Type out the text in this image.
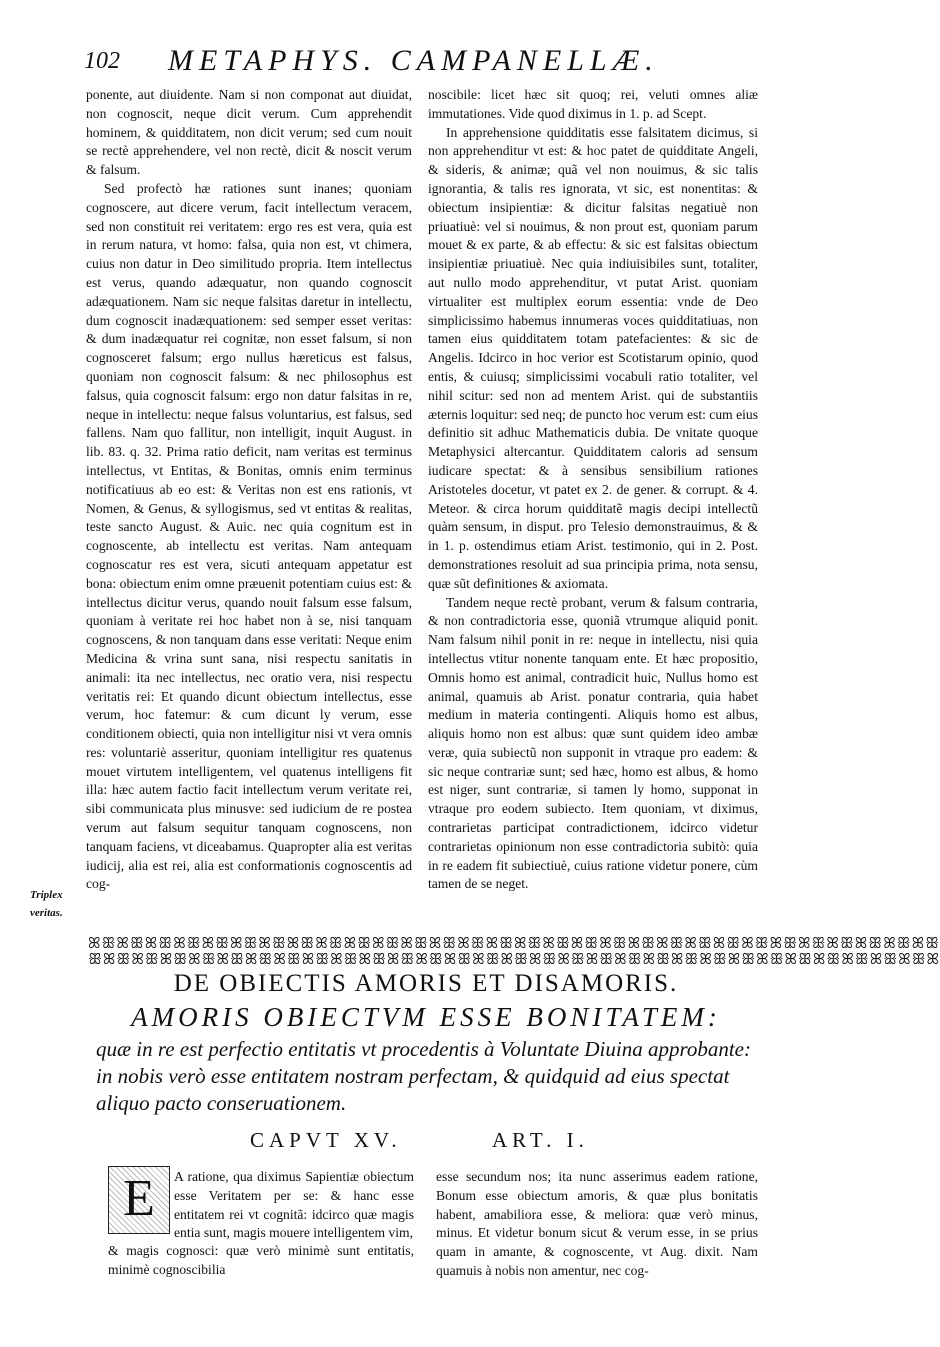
102 METAPHYS. CAMPANELLÆ.

ponente, aut diuidente. Nam si non componat aut diuidat, non cognoscit, neque dicit verum. Cum apprehendit hominem, & quidditatem, non dicit verum; sed cum nouit se rectè apprehendere, vel non rectè, dicit & noscit verum & falsum.

Sed profectò hæ rationes sunt inanes; quoniam cognoscere, aut dicere verum, facit intellectum veracem, sed non constituit rei veritatem: ergo res est vera, quia est in rerum natura, vt homo: falsa, quia non est, vt chimera, cuius non datur in Deo similitudo propria. Item intellectus est verus, quando adæquatur, non quando cognoscit adæquationem. Nam sic neque falsitas daretur in intellectu, dum cognoscit inadæquationem: sed semper esset veritas: & dum inadæquatur rei cognitæ, non esset falsum, si non cognosceret falsum; ergo nullus hæreticus est falsus, quoniam non cognoscit falsum: & nec philosophus est falsus, quia cognoscit falsum: ergo non datur falsitas in re, neque in intellectu: neque falsus voluntarius, est falsus, sed fallens. Nam quo fallitur, non intelligit, inquit August. in lib. 83. q. 32. Prima ratio deficit, nam veritas est terminus intellectus, vt Entitas, & Bonitas, omnis enim terminus notificatiuus ab eo est: & Veritas non est ens rationis, vt Nomen, & Genus, & syllogismus, sed vt entitas & realitas, teste sancto August. & Auic. nec quia cognitum est in cognoscente, ab intellectu est veritas. Nam antequam cognoscatur res est vera, sicuti antequam appetatur est bona: obiectum enim omne præuenit potentiam cuius est: & intellectus dicitur verus, quando nouit falsum esse falsum, quoniam à veritate rei hoc habet non à se, nisi tanquam cognoscens, & non tanquam dans esse veritati: Neque enim Medicina & vrina sunt sana, nisi respectu sanitatis in animali: ita nec intellectus, nec oratio vera, nisi respectu veritatis rei: Et quando dicunt obiectum intellectus, esse verum, hoc fatemur: & cum dicunt ly verum, esse conditionem obiecti, quia non intelligitur nisi vt vera omnis res: voluntariè asseritur, quoniam intelligitur res quatenus mouet virtutem intelligentem, vel quatenus intelligens fit illa: hæc autem factio facit intellectum verum veritate rei, sibi communicata plus minusve: sed iudicium de re postea verum aut falsum sequitur tanquam cognoscens, non tanquam faciens, vt diceabamus. Quapropter alia est veritas iudicij, alia est rei, alia est conformationis cognoscentis ad cog-

Triplex veritas.

noscibile: licet hæc sit quoq; rei, veluti omnes aliæ immutationes. Vide quod diximus in 1. p. ad Scept.

In apprehensione quidditatis esse falsitatem dicimus, si non apprehenditur vt est: & hoc patet de quidditate Angeli, & sideris, & animæ; quã vel non nouimus, & sic talis ignorantia, & talis res ignorata, vt sic, est nonentitas: & obiectum insipientiæ: & dicitur falsitas negatiuè non priuatiuè: vel si nouimus, & non prout est, quoniam parum mouet & ex parte, & ab effectu: & sic est falsitas obiectum insipientiæ priuatiuè. Nec quia indiuisibiles sunt, totaliter, aut nullo modo apprehenditur, vt putat Arist. quoniam virtualiter est multiplex eorum essentia: vnde de Deo simplicissimo habemus innumeras voces quidditatiuas, non tamen eius quidditatem totam patefacientes: & sic de Angelis. Idcirco in hoc verior est Scotistarum opinio, quod entis, & cuiusq; simplicissimi vocabuli ratio totaliter, vel nihil scitur: sed non ad mentem Arist. qui de substantiis æternis loquitur: sed neq; de puncto hoc verum est: cum eius definitio sit adhuc Mathematicis dubia. De vnitate quoque Metaphysici altercantur. Quidditatem caloris ad sensum iudicare spectat: & à sensibus sensibilium rationes Aristoteles docetur, vt patet ex 2. de gener. & corrupt. & 4. Meteor. & circa horum quidditatẽ magis decipi intellectũ quàm sensum, in disput. pro Telesio demonstrauimus, & & in 1. p. ostendimus etiam Arist. testimonio, qui in 2. Post. demonstrationes resoluit ad sua principia prima, nota sensu, quæ sũt definitiones & axiomata.

Tandem neque rectè probant, verum & falsum contraria, & non contradictoria esse, quoniã vtrumque aliquid ponit. Nam falsum nihil ponit in re: neque in intellectu, nisi quia intellectus vtitur nonente tanquam ente. Et hæc propositio, Omnis homo est animal, contradicit huic, Nullus homo est animal, quamuis ab Arist. ponatur contraria, quia habet medium in materia contingenti. Aliquis homo est albus, aliquis homo non est albus: quæ sunt quidem ideo ambæ veræ, quia subiectũ non supponit in vtraque pro eadem: & sic neque contrariæ sunt; sed hæc, homo est albus, & homo est niger, sunt contrariæ, si tamen ly homo, supponat in vtraque pro eodem subiecto. Item quoniam, vt diximus, contrarietas participat contradictionem, idcirco videtur contrarietas opinionum non esse contradictoria subitò: quia in re eadem fit subiectiuè, cuius ratione videtur ponere, cùm tamen de se neget.

ꕤꕥꕤꕥꕤꕥꕤꕥꕤꕥꕤꕥꕤꕥꕤꕥꕤꕥꕤꕥꕤꕥꕤꕥꕤꕥꕤꕥꕤꕥꕤꕥꕤꕥꕤꕥꕤꕥꕤꕥꕤꕥꕤꕥꕤꕥꕤꕥꕤꕥꕤꕥꕤꕥꕤꕥꕤꕥꕤꕥ
ꕥꕤꕥꕤꕥꕤꕥꕤꕥꕤꕥꕤꕥꕤꕥꕤꕥꕤꕥꕤꕥꕤꕥꕤꕥꕤꕥꕤꕥꕤꕥꕤꕥꕤꕥꕤꕥꕤꕥꕤꕥꕤꕥꕤꕥꕤꕥꕤꕥꕤꕥꕤꕥꕤꕥꕤꕥꕤꕥꕤ
DE OBIECTIS AMORIS ET DISAMORIS.
AMORIS OBIECTVM ESSE BONITATEM:

quæ in re est perfectio entitatis vt procedentis à Voluntate Diuina approbante: in nobis verò esse entitatem nostram perfectam, & quidquid ad eius spectat aliquo pacto conseruationem.

CAPVT XV.	ART. I.
E	A ratione, qua diximus Sapientiæ obiectum esse Veritatem per se: & hanc esse entitatem rei vt cognitã: idcirco quæ magis entia sunt, magis mouere intelligentem vim,

& magis cognosci: quæ verò minimè sunt entitatis, minimè cognoscibilia

esse secundum nos; ita nunc asserimus eadem ratione, Bonum esse obiectum amoris, & quæ plus bonitatis habent, amabiliora esse, & meliora: quæ verò minus, minus. Et videtur bonum sicut & verum esse, in se prius quam in amante, & cognoscente, vt Aug. dixit. Nam quamuis à nobis non amentur, nec cog-
